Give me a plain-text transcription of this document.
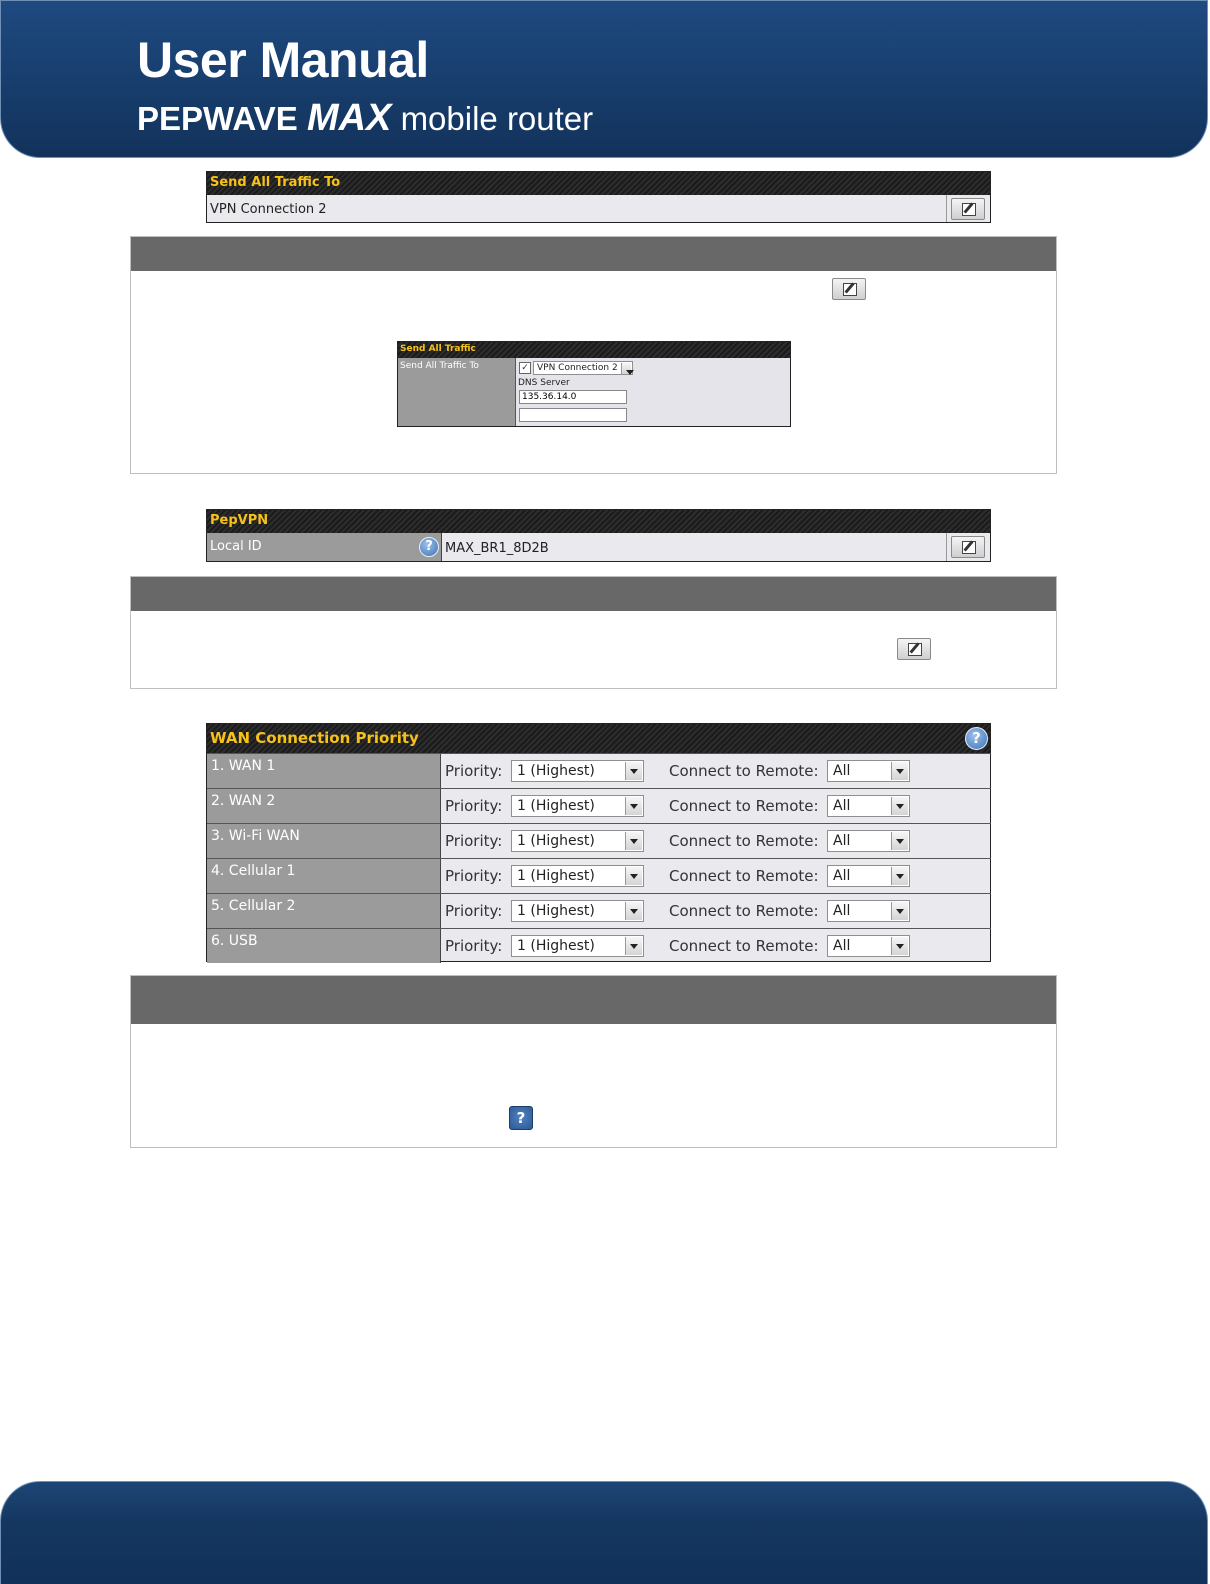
User Manual
PEPWAVE MAX mobile router
Send All Traffic To
VPN Connection 2
Send All Traffic
Send All Traffic To	✓ VPN Connection 2
DNS Server
135.36.14.0
PepVPN
Local ID	? MAX_BR1_8D2B
WAN Connection Priority	?
1. WAN 1	Priority:	1 (Highest)	Connect to Remote:	All
2. WAN 2	Priority:	1 (Highest)	Connect to Remote:	All
3. Wi-Fi WAN	Priority:	1 (Highest)	Connect to Remote:	All
4. Cellular 1	Priority:	1 (Highest)	Connect to Remote:	All
5. Cellular 2	Priority:	1 (Highest)	Connect to Remote:	All
6. USB	Priority:	1 (Highest)	Connect to Remote:	All
?
